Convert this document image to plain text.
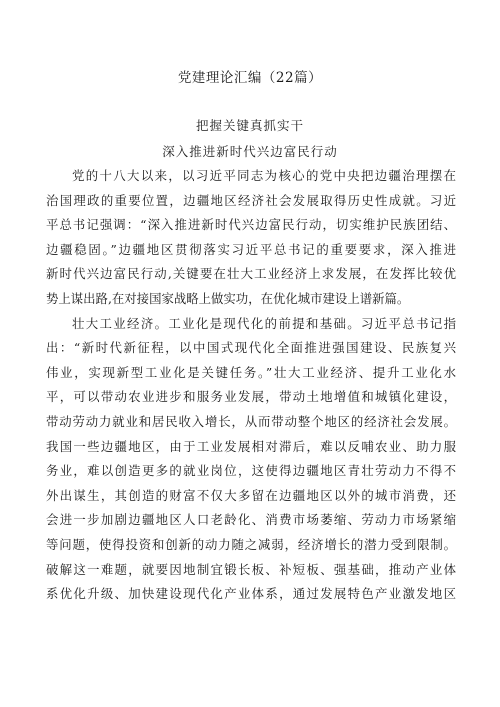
党建理论汇编（22篇）
把握关键真抓实干
深入推进新时代兴边富民行动
党的十八大以来，以习近平同志为核心的党中央把边疆治理摆在
治国理政的重要位置，边疆地区经济社会发展取得历史性成就。习近
平总书记强调：“深入推进新时代兴边富民行动，切实维护民族团结、
边疆稳固。”边疆地区贯彻落实习近平总书记的重要要求，深入推进
新时代兴边富民行动,关键要在壮大工业经济上求发展，在发挥比较优
势上谋出路,在对接国家战略上做实功，在优化城市建设上谱新篇。
壮大工业经济。工业化是现代化的前提和基础。习近平总书记指
出：“新时代新征程，以中国式现代化全面推进强国建设、民族复兴
伟业，实现新型工业化是关键任务。”壮大工业经济、提升工业化水
平，可以带动农业进步和服务业发展，带动土地增值和城镇化建设，
带动劳动力就业和居民收入增长，从而带动整个地区的经济社会发展。
我国一些边疆地区，由于工业发展相对滞后，难以反哺农业、助力服
务业，难以创造更多的就业岗位，这使得边疆地区青壮劳动力不得不
外出谋生，其创造的财富不仅大多留在边疆地区以外的城市消费，还
会进一步加剧边疆地区人口老龄化、消费市场萎缩、劳动力市场紧缩
等问题，使得投资和创新的动力随之减弱，经济增长的潜力受到限制。
破解这一难题，就要因地制宜锻长板、补短板、强基础，推动产业体
系优化升级、加快建设现代化产业体系，通过发展特色产业激发地区
